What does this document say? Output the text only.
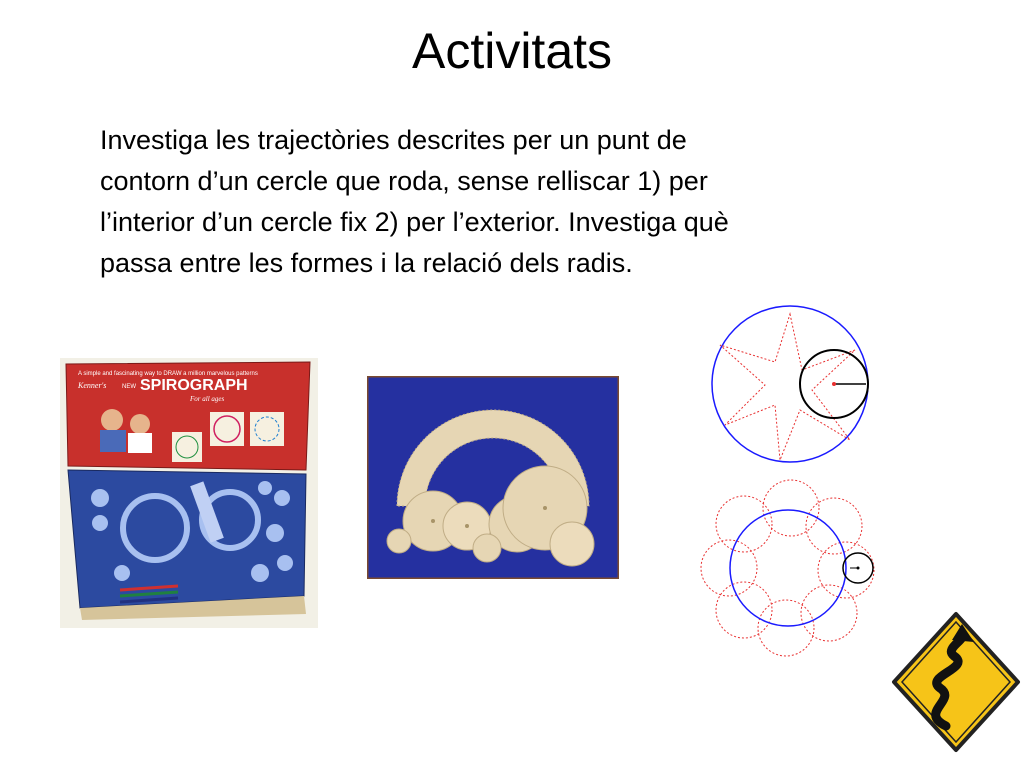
Activitats
Investiga les trajectòries descrites per un punt de
contorn d’un cercle que roda, sense relliscar 1) per
l’interior d’un cercle fix 2) per l’exterior. Investiga què
passa entre les formes i la relació dels radis.
A simple and fascinating way to DRAW a million marvelous patterns
Kenner's	NEW SPIROGRAPH
For all ages
